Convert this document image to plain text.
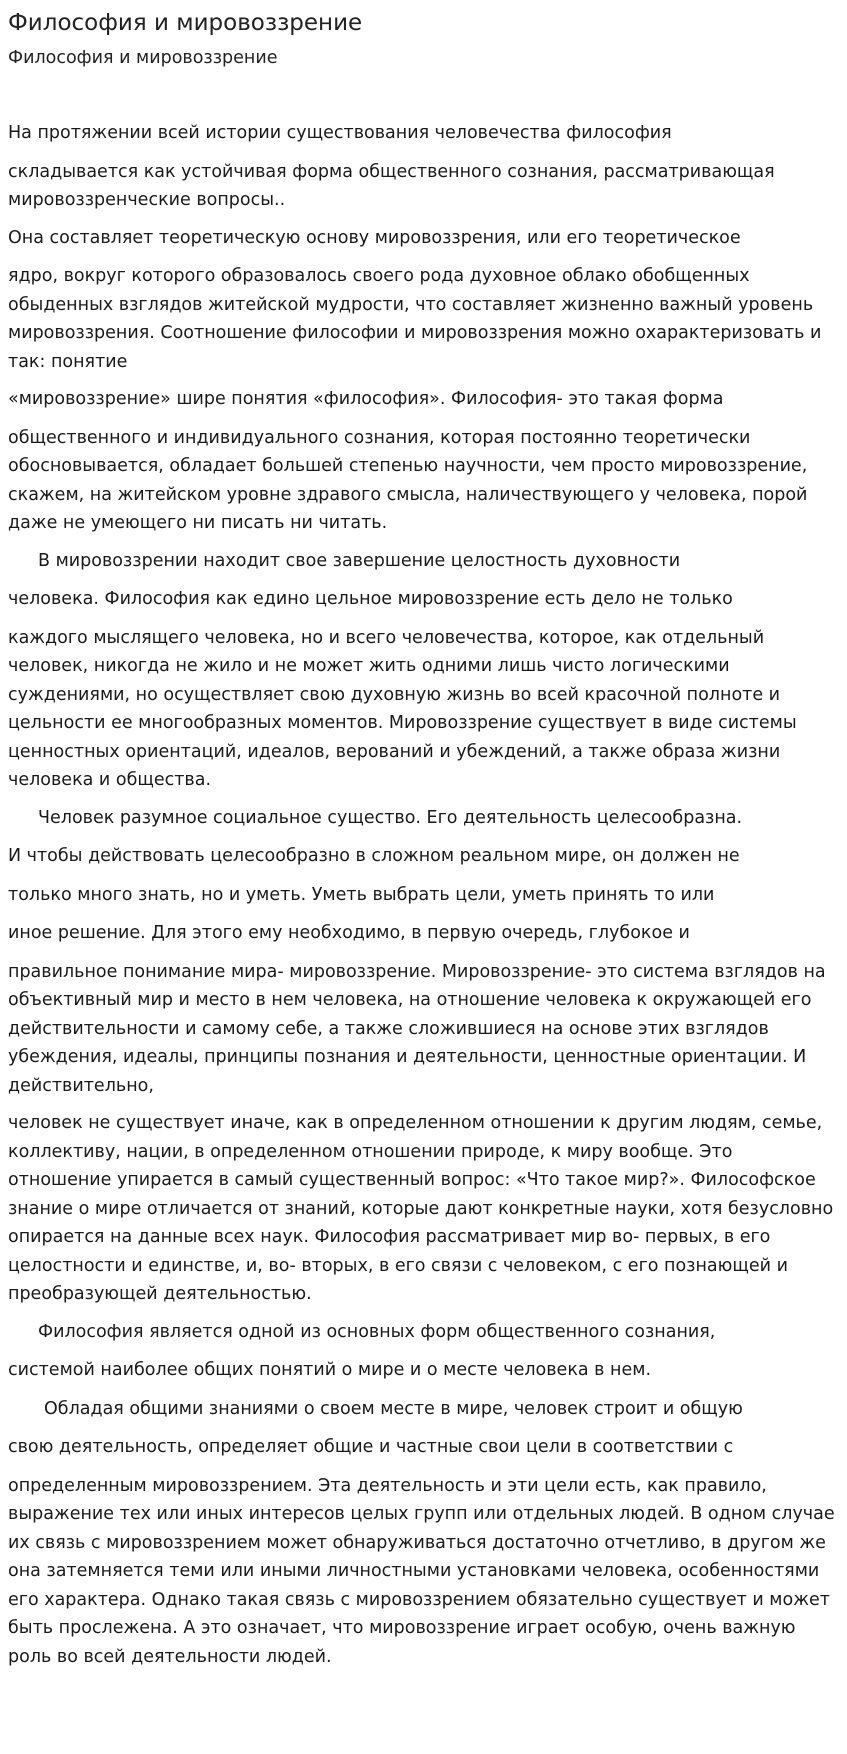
Философия и мировоззрение
Философия и мировоззрение

На протяжении всей истории существования человечества философия

складывается как устойчивая форма общественного сознания, рассматривающая мировоззренческие вопросы..

Она составляет теоретическую основу мировоззрения, или его теоретическое

ядро, вокруг которого образовалось своего рода духовное облако обобщенных обыденных взглядов житейской мудрости, что составляет жизненно важный уровень мировоззрения. Соотношение философии и мировоззрения можно охарактеризовать и так: понятие

«мировоззрение» шире понятия «философия». Философия- это такая форма

общественного и индивидуального сознания, которая постоянно теоретически обосновывается, обладает большей степенью научности, чем просто мировоззрение, скажем, на житейском уровне здравого смысла, наличествующего у человека, порой даже не умеющего ни писать ни читать.

В мировоззрении находит свое завершение целостность духовности

человека. Философия как едино цельное мировоззрение есть дело не только

каждого мыслящего человека, но и всего человечества, которое, как отдельный человек, никогда не жило и не может жить одними лишь чисто логическими суждениями, но осуществляет свою духовную жизнь во всей красочной полноте и цельности ее многообразных моментов. Мировоззрение существует в виде системы ценностных ориентаций, идеалов, верований и убеждений, а также образа жизни человека и общества.

Человек разумное социальное существо. Его деятельность целесообразна.

И чтобы действовать целесообразно в сложном реальном мире, он должен не

только много знать, но и уметь. Уметь выбрать цели, уметь принять то или

иное решение. Для этого ему необходимо, в первую очередь, глубокое и

правильное понимание мира- мировоззрение. Мировоззрение- это система взглядов на объективный мир и место в нем человека, на отношение человека к окружающей его действительности и самому себе, а также сложившиеся на основе этих взглядов убеждения, идеалы, принципы познания и деятельности, ценностные ориентации. И действительно,

человек не существует иначе, как в определенном отношении к другим людям, семье, коллективу, нации, в определенном отношении природе, к миру вообще. Это отношение упирается в самый существенный вопрос: «Что такое мир?». Философское знание о мире отличается от знаний, которые дают конкретные науки, хотя безусловно опирается на данные всех наук. Философия рассматривает мир во- первых, в его целостности и единстве, и, во- вторых, в его связи с человеком, с его познающей и преобразующей деятельностью.

Философия является одной из основных форм общественного сознания,

системой наиболее общих понятий о мире и о месте человека в нем.

Обладая общими знаниями о своем месте в мире, человек строит и общую

свою деятельность, определяет общие и частные свои цели в соответствии с

определенным мировоззрением. Эта деятельность и эти цели есть, как правило, выражение тех или иных интересов целых групп или отдельных людей. В одном случае их связь с мировоззрением может обнаруживаться достаточно отчетливо, в другом же она затемняется теми или иными личностными установками человека, особенностями его характера. Однако такая связь с мировоззрением обязательно существует и может быть прослежена. А это означает, что мировоззрение играет особую, очень важную роль во всей деятельности людей.
